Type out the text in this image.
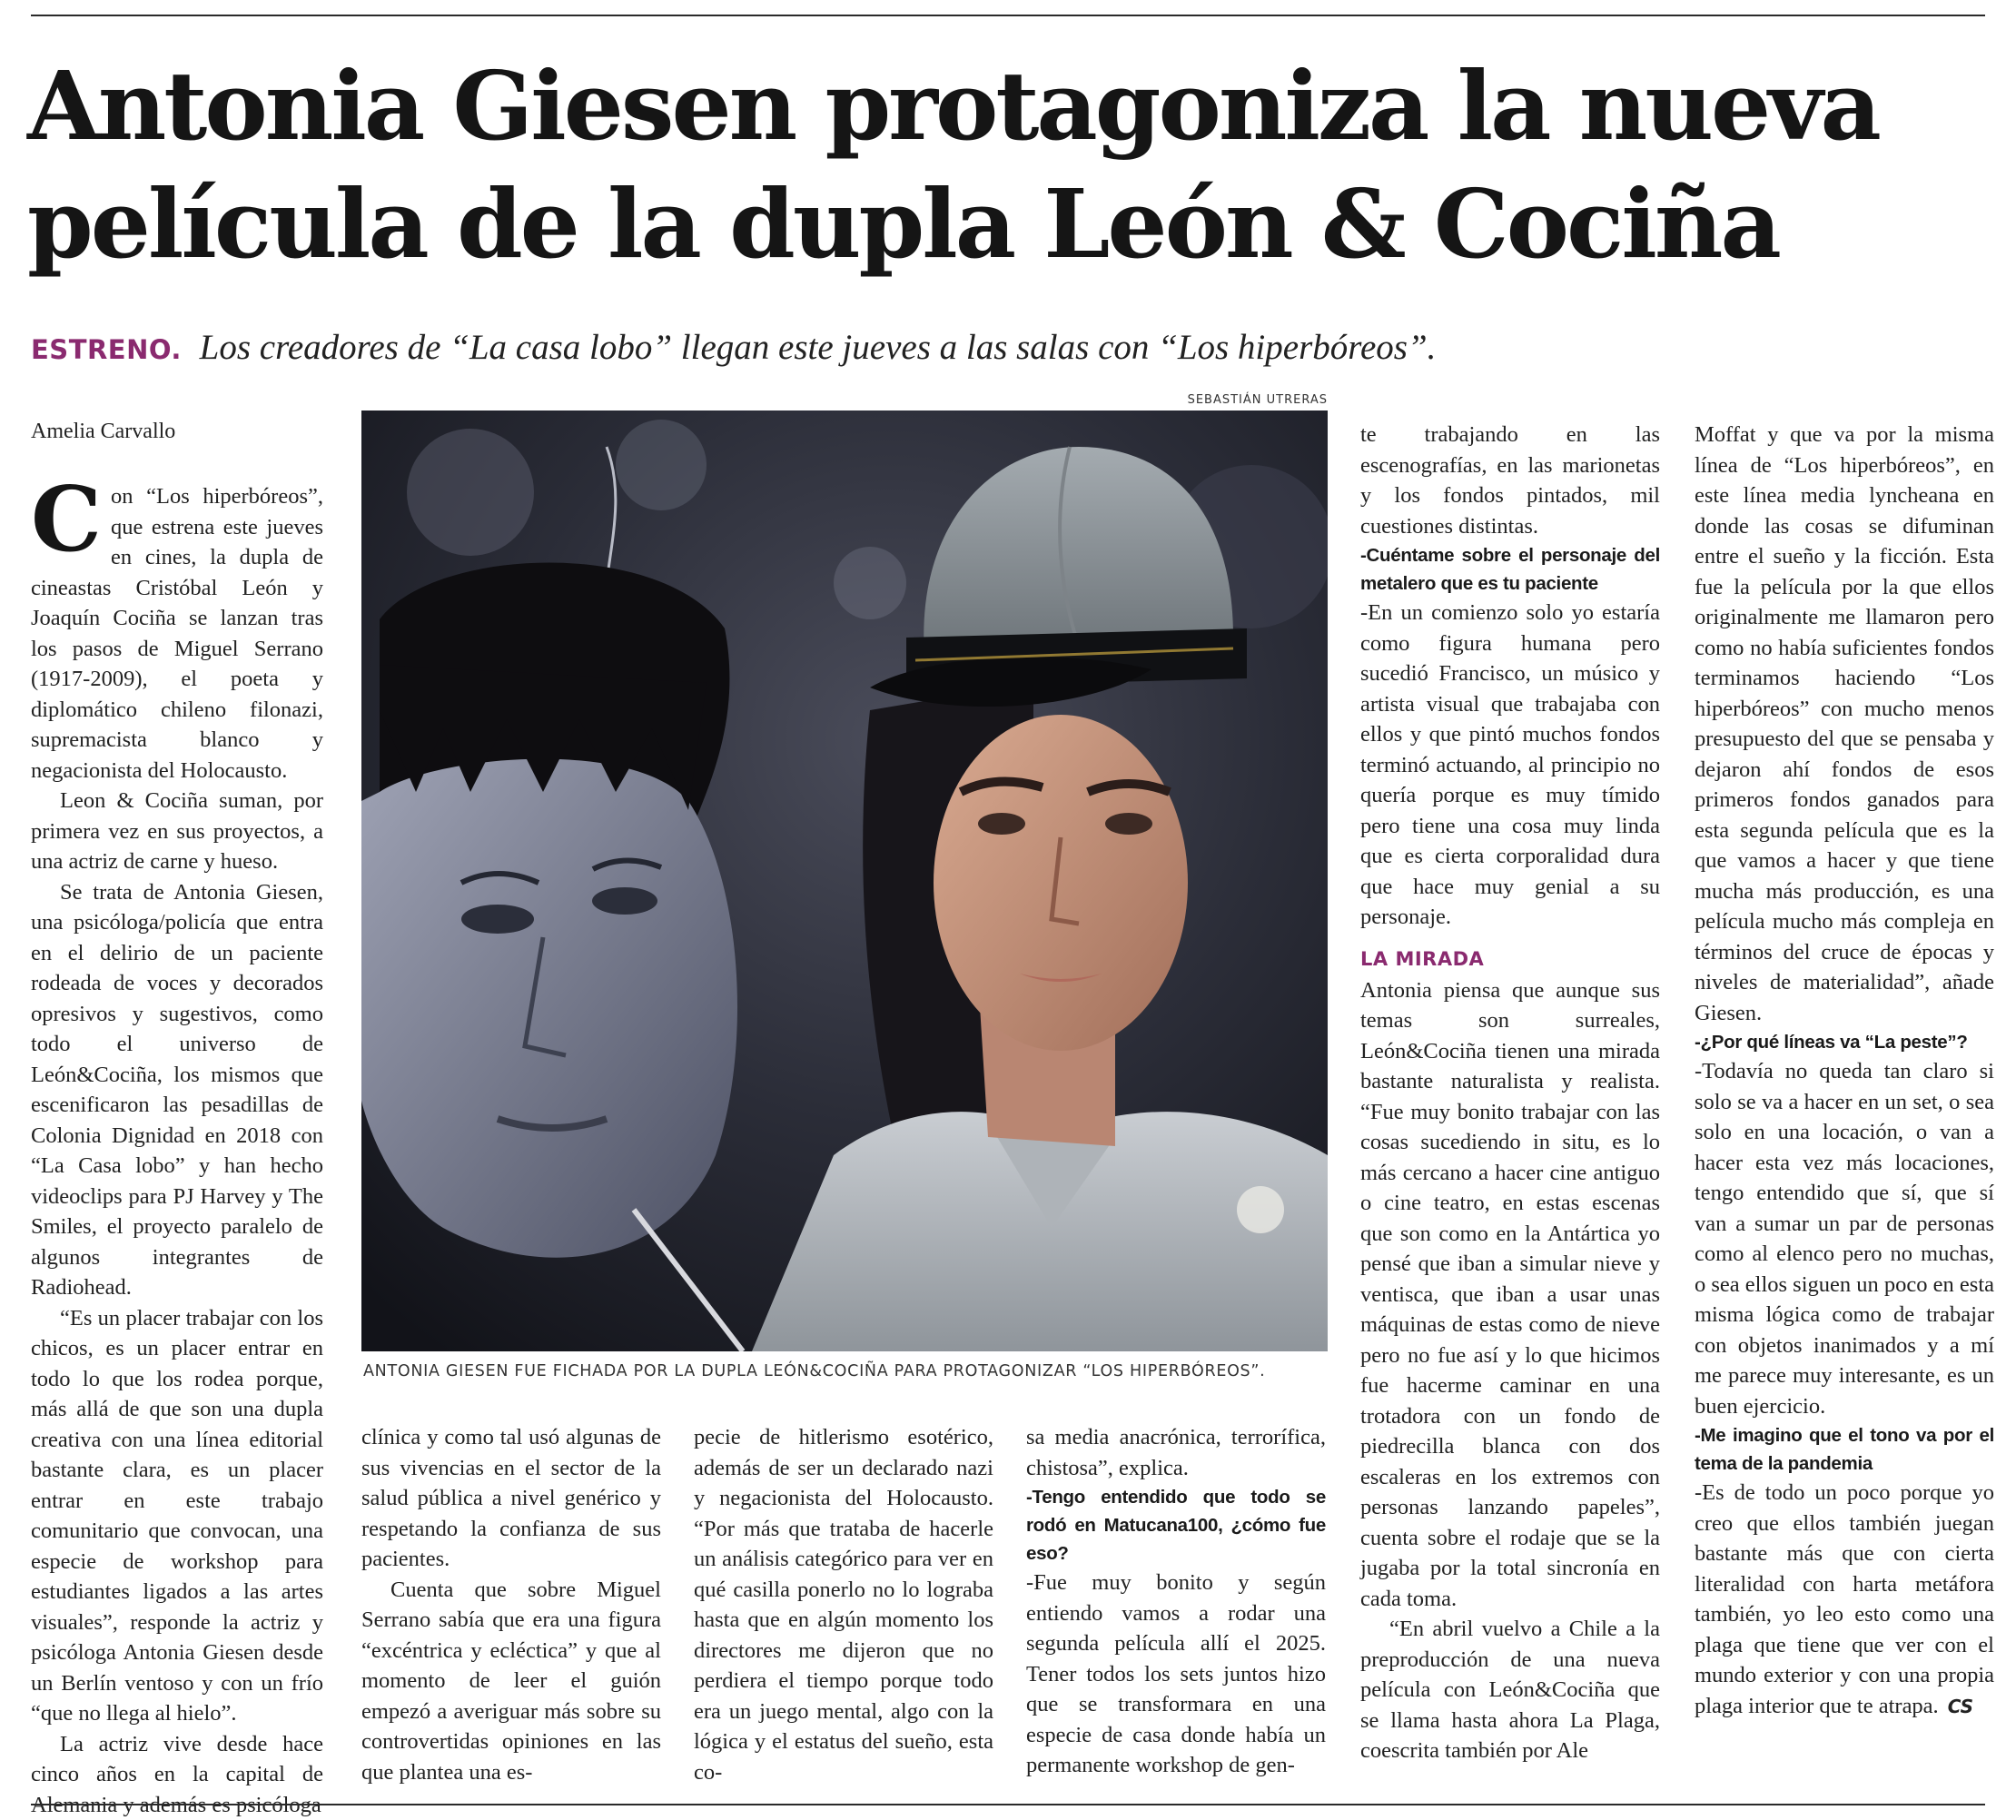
Antonia Giesen protagoniza la nueva
película de la dupla León & Cociña
ESTRENO. Los creadores de “La casa lobo” llegan este jueves a las salas con “Los hiperbóreos”.
SEBASTIÁN UTRERAS
ANTONIA GIESEN FUE FICHADA POR LA DUPLA LEÓN&COCIÑA PARA PROTAGONIZAR “LOS HIPERBÓREOS”.
Amelia Carvallo

Con “Los hiperbóreos”, que estrena este jueves en cines, la dupla de cineastas Cristóbal León y Joaquín Cociña se lanzan tras los pasos de Miguel Serrano (1917-2009), el poeta y diplomático chileno filonazi, supremacista blanco y negacionista del Holocausto.

Leon & Cociña suman, por primera vez en sus proyectos, a una actriz de carne y hueso.

Se trata de Antonia Giesen, una psicóloga/policía que entra en el delirio de un paciente rodeada de voces y decorados opresivos y sugestivos, como todo el universo de León&Cociña, los mismos que escenificaron las pesadillas de Colonia Dignidad en 2018 con “La Casa lobo” y han hecho videoclips para PJ Harvey y The Smiles, el proyecto paralelo de algunos integrantes de Radiohead.

“Es un placer trabajar con los chicos, es un placer entrar en todo lo que los rodea porque, más allá de que son una dupla creativa con una línea editorial bastante clara, es un placer entrar en este trabajo comunitario que convocan, una especie de workshop para estudiantes ligados a las artes visuales”, responde la actriz y psicóloga Antonia Giesen desde un Berlín ventoso y con un frío “que no llega al hielo”.

La actriz vive desde hace cinco años en la capital de Alemania y además es psicóloga

clínica y como tal usó algunas de sus vivencias en el sector de la salud pública a nivel genérico y respetando la confianza de sus pacientes.

Cuenta que sobre Miguel Serrano sabía que era una figura “excéntrica y ecléctica” y que al momento de leer el guión empezó a averiguar más sobre su controvertidas opiniones en las que plantea una es-

pecie de hitlerismo esotérico, además de ser un declarado nazi y negacionista del Holocausto. “Por más que trataba de hacerle un análisis categórico para ver en qué casilla ponerlo no lo lograba hasta que en algún momento los directores me dijeron que no perdiera el tiempo porque todo era un juego mental, algo con la lógica y el estatus del sueño, esta co-

te trabajando en las escenografías, en las marionetas y los fondos pintados, mil cuestiones distintas.

-Cuéntame sobre el personaje del metalero que es tu paciente

-En un comienzo solo yo estaría como figura humana pero sucedió Francisco, un músico y artista visual que trabajaba con ellos y que pintó muchos fondos terminó actuando, al principio no quería porque es muy tímido pero tiene una cosa muy linda que es cierta corporalidad dura que hace muy genial a su personaje.

sa media anacrónica, terrorífica, chistosa”, explica.

-Tengo entendido que todo se rodó en Matucana100, ¿cómo fue eso?

-Fue muy bonito y según entiendo vamos a rodar una segunda película allí el 2025. Tener todos los sets juntos hizo que se transformara en una especie de casa donde había un permanente workshop de gen-

LA MIRADA

Antonia piensa que aunque sus temas son surreales, León&Cociña tienen una mirada bastante naturalista y realista. “Fue muy bonito trabajar con las cosas sucediendo in situ, es lo más cercano a hacer cine antiguo o cine teatro, en estas escenas que son como en la Antártica yo pensé que iban a simular nieve y ventisca, que iban a usar unas máquinas de estas como de nieve pero no fue así y lo que hicimos fue hacerme caminar en una trotadora con un fondo de piedrecilla blanca con dos escaleras en los extremos con personas lanzando papeles”, cuenta sobre el rodaje que se la jugaba por la total sincronía en cada toma.

“En abril vuelvo a Chile a la preproducción de una nueva película con León&Cociña que se llama hasta ahora La Plaga, coescrita también por Ale

Moffat y que va por la misma línea de “Los hiperbóreos”, en este línea media lyncheana en donde las cosas se difuminan entre el sueño y la ficción. Esta fue la película por la que ellos originalmente me llamaron pero como no había suficientes fondos terminamos haciendo “Los hiperbóreos” con mucho menos presupuesto del que se pensaba y dejaron ahí fondos de esos primeros fondos ganados para esta segunda película que es la que vamos a hacer y que tiene mucha más producción, es una película mucho más compleja en términos del cruce de épocas y niveles de materialidad”, añade Giesen.

-¿Por qué líneas va “La peste”?

-Todavía no queda tan claro si solo se va a hacer en un set, o sea solo en una locación, o van a hacer esta vez más locaciones, tengo entendido que sí, que sí van a sumar un par de personas como al elenco pero no muchas, o sea ellos siguen un poco en esta misma lógica como de trabajar con objetos inanimados y a mí me parece muy interesante, es un buen ejercicio.

-Me imagino que el tono va por el tema de la pandemia

-Es de todo un poco porque yo creo que ellos también juegan bastante más que con cierta literalidad con harta metáfora también, yo leo esto como una plaga que tiene que ver con el mundo exterior y con una propia plaga interior que te atrapa. CS
